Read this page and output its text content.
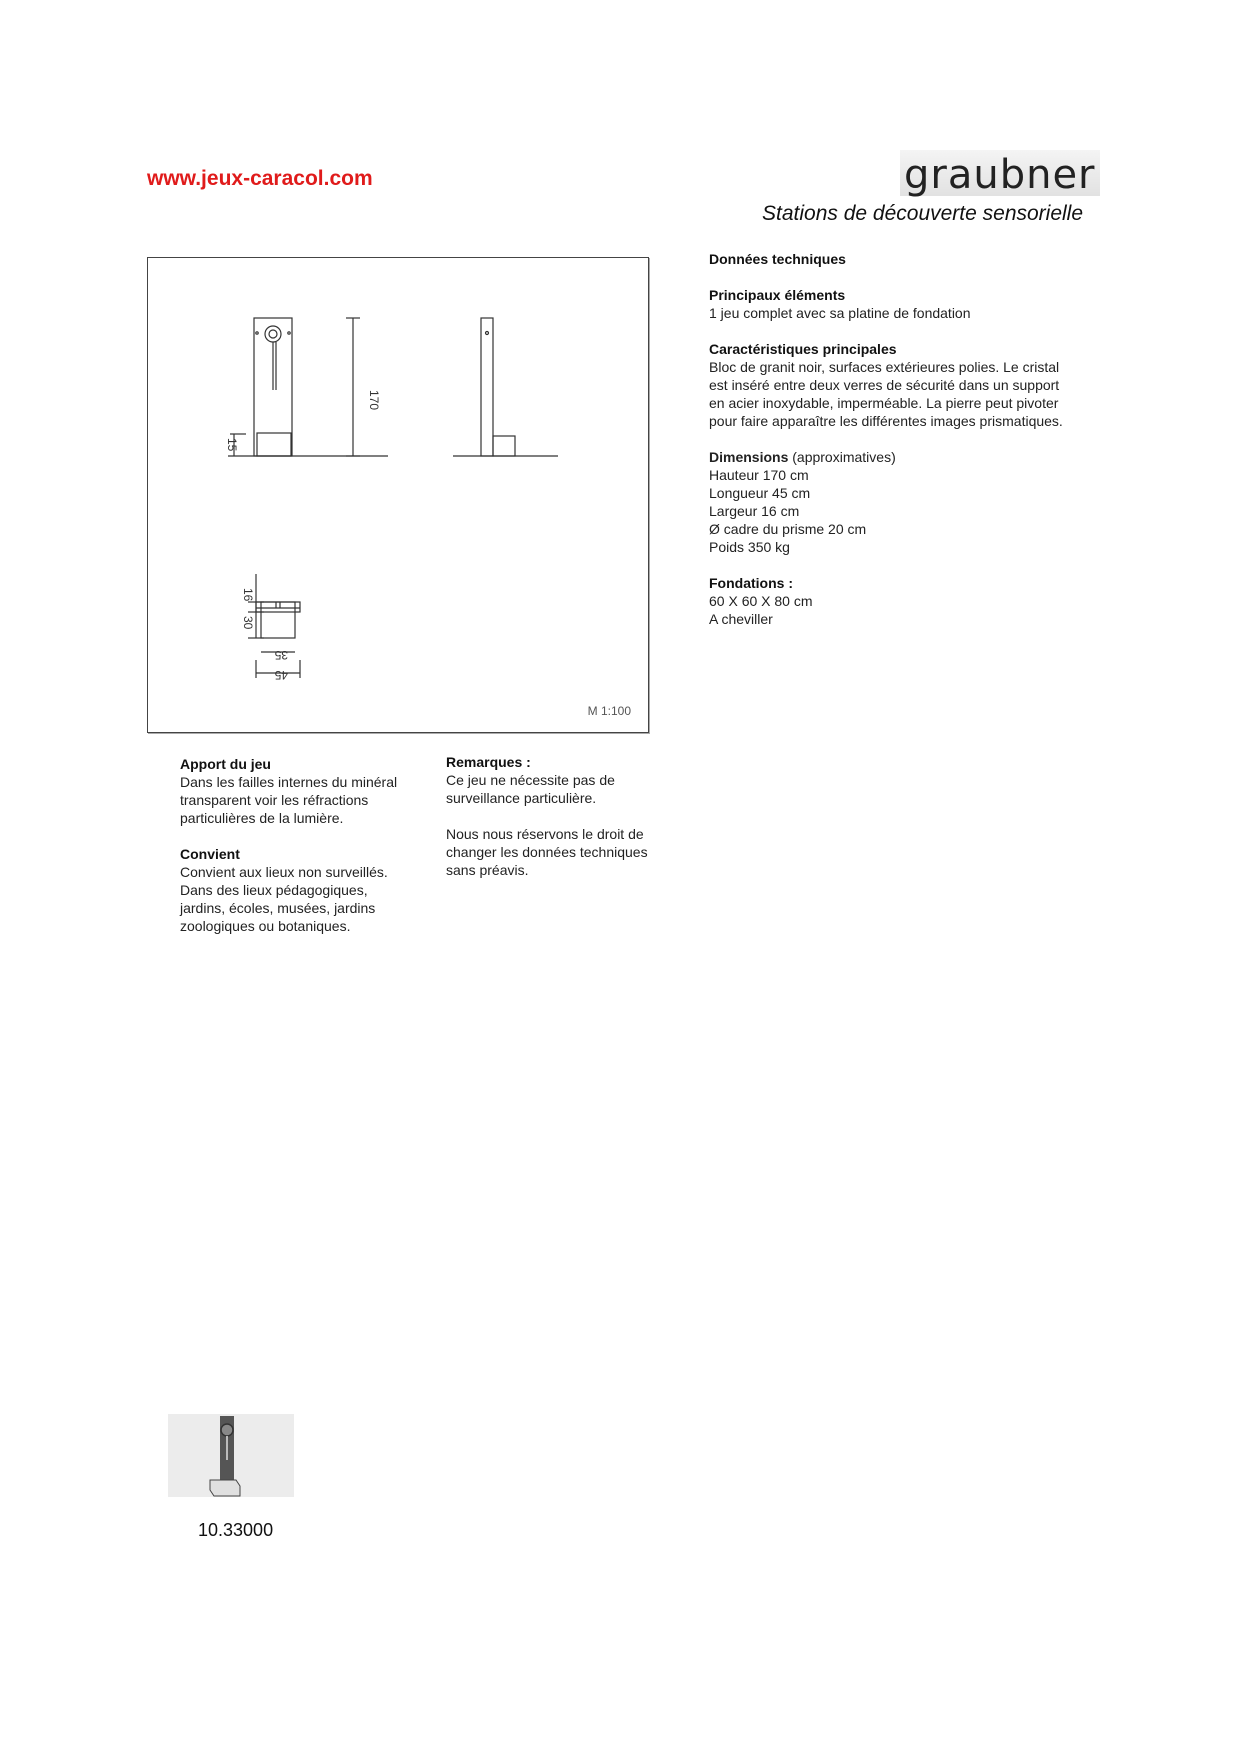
www.jeux-caracol.com	graubner
Stations de découverte sensorielle
170
15
16
30
35
45
M 1:100
Données techniques
Principaux éléments

1 jeu complet avec sa platine de fondation

Caractéristiques principales

Bloc de granit noir, surfaces extérieures polies. Le cristal

est inséré entre deux verres de sécurité dans un support

en acier inoxydable, imperméable. La pierre peut pivoter

pour faire apparaître les différentes images prismatiques.

Dimensions (approximatives)

Hauteur 170 cm

Longueur 45 cm

Largeur 16 cm

Ø cadre du prisme 20 cm

Poids 350 kg

Fondations :

60 X 60 X 80 cm

A cheviller

Apport du jeu

Dans les failles internes du minéral

transparent voir les réfractions

particulières de la lumière.

Convient

Convient aux lieux non surveillés.

Dans des lieux pédagogiques,

jardins, écoles, musées, jardins

zoologiques ou botaniques.

Remarques :

Ce jeu ne nécessite pas de

surveillance particulière.

Nous nous réservons le droit de

changer les données techniques

sans préavis.

10.33000
